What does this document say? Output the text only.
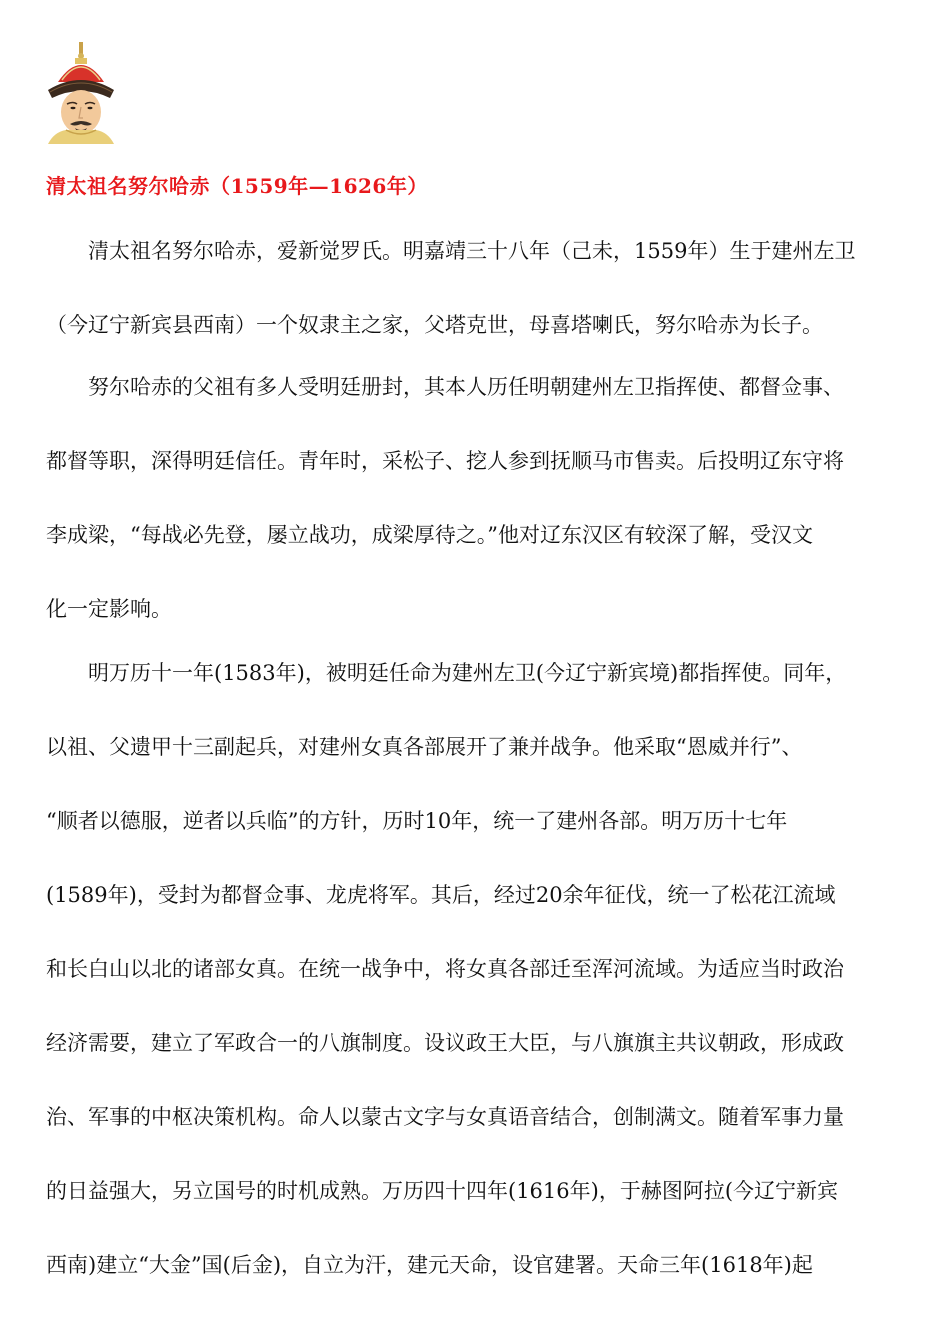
清太祖名努尔哈赤（1559年—1626年）
　　清太祖名努尔哈赤，爱新觉罗氏。明嘉靖三十八年（己未，1559年）生于建州左卫
（今辽宁新宾县西南）一个奴隶主之家，父塔克世，母喜塔喇氏，努尔哈赤为长子。
　　努尔哈赤的父祖有多人受明廷册封，其本人历任明朝建州左卫指挥使、都督佥事、
都督等职，深得明廷信任。青年时，采松子、挖人参到抚顺马市售卖。后投明辽东守将
李成梁，“每战必先登，屡立战功，成梁厚待之。”他对辽东汉区有较深了解，受汉文
化一定影响。
　　明万历十一年(1583年)，被明廷任命为建州左卫(今辽宁新宾境)都指挥使。同年，
以祖、父遗甲十三副起兵，对建州女真各部展开了兼并战争。他采取“恩威并行”、
“顺者以德服，逆者以兵临”的方针，历时10年，统一了建州各部。明万历十七年
(1589年)，受封为都督佥事、龙虎将军。其后，经过20余年征伐，统一了松花江流域
和长白山以北的诸部女真。在统一战争中，将女真各部迁至浑河流域。为适应当时政治
经济需要，建立了军政合一的八旗制度。设议政王大臣，与八旗旗主共议朝政，形成政
治、军事的中枢决策机构。命人以蒙古文字与女真语音结合，创制满文。随着军事力量
的日益强大，另立国号的时机成熟。万历四十四年(1616年)，于赫图阿拉(今辽宁新宾
西南)建立“大金”国(后金)，自立为汗，建元天命，设官建署。天命三年(1618年)起
